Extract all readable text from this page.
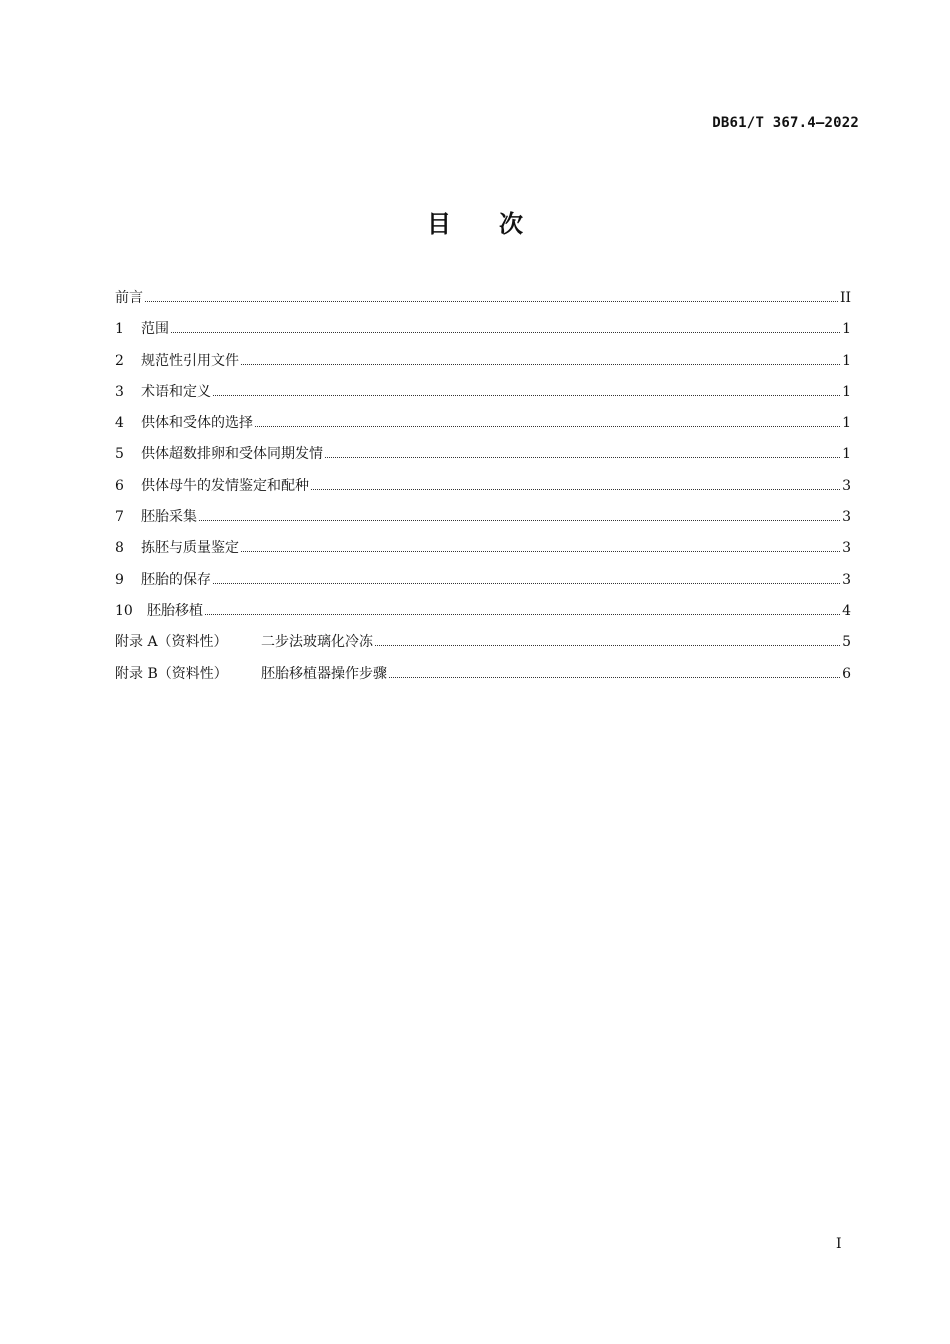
DB61/T 367.4—2022
目次
前言	II
1	范围	1
2	规范性引用文件	1
3	术语和定义	1
4	供体和受体的选择	1
5	供体超数排卵和受体同期发情	1
6	供体母牛的发情鉴定和配种	3
7	胚胎采集	3
8	拣胚与质量鉴定	3
9	胚胎的保存	3
10	胚胎移植	4
附录 A（资料性）	二步法玻璃化冷冻	5
附录 B（资料性）	胚胎移植器操作步骤	6
I
